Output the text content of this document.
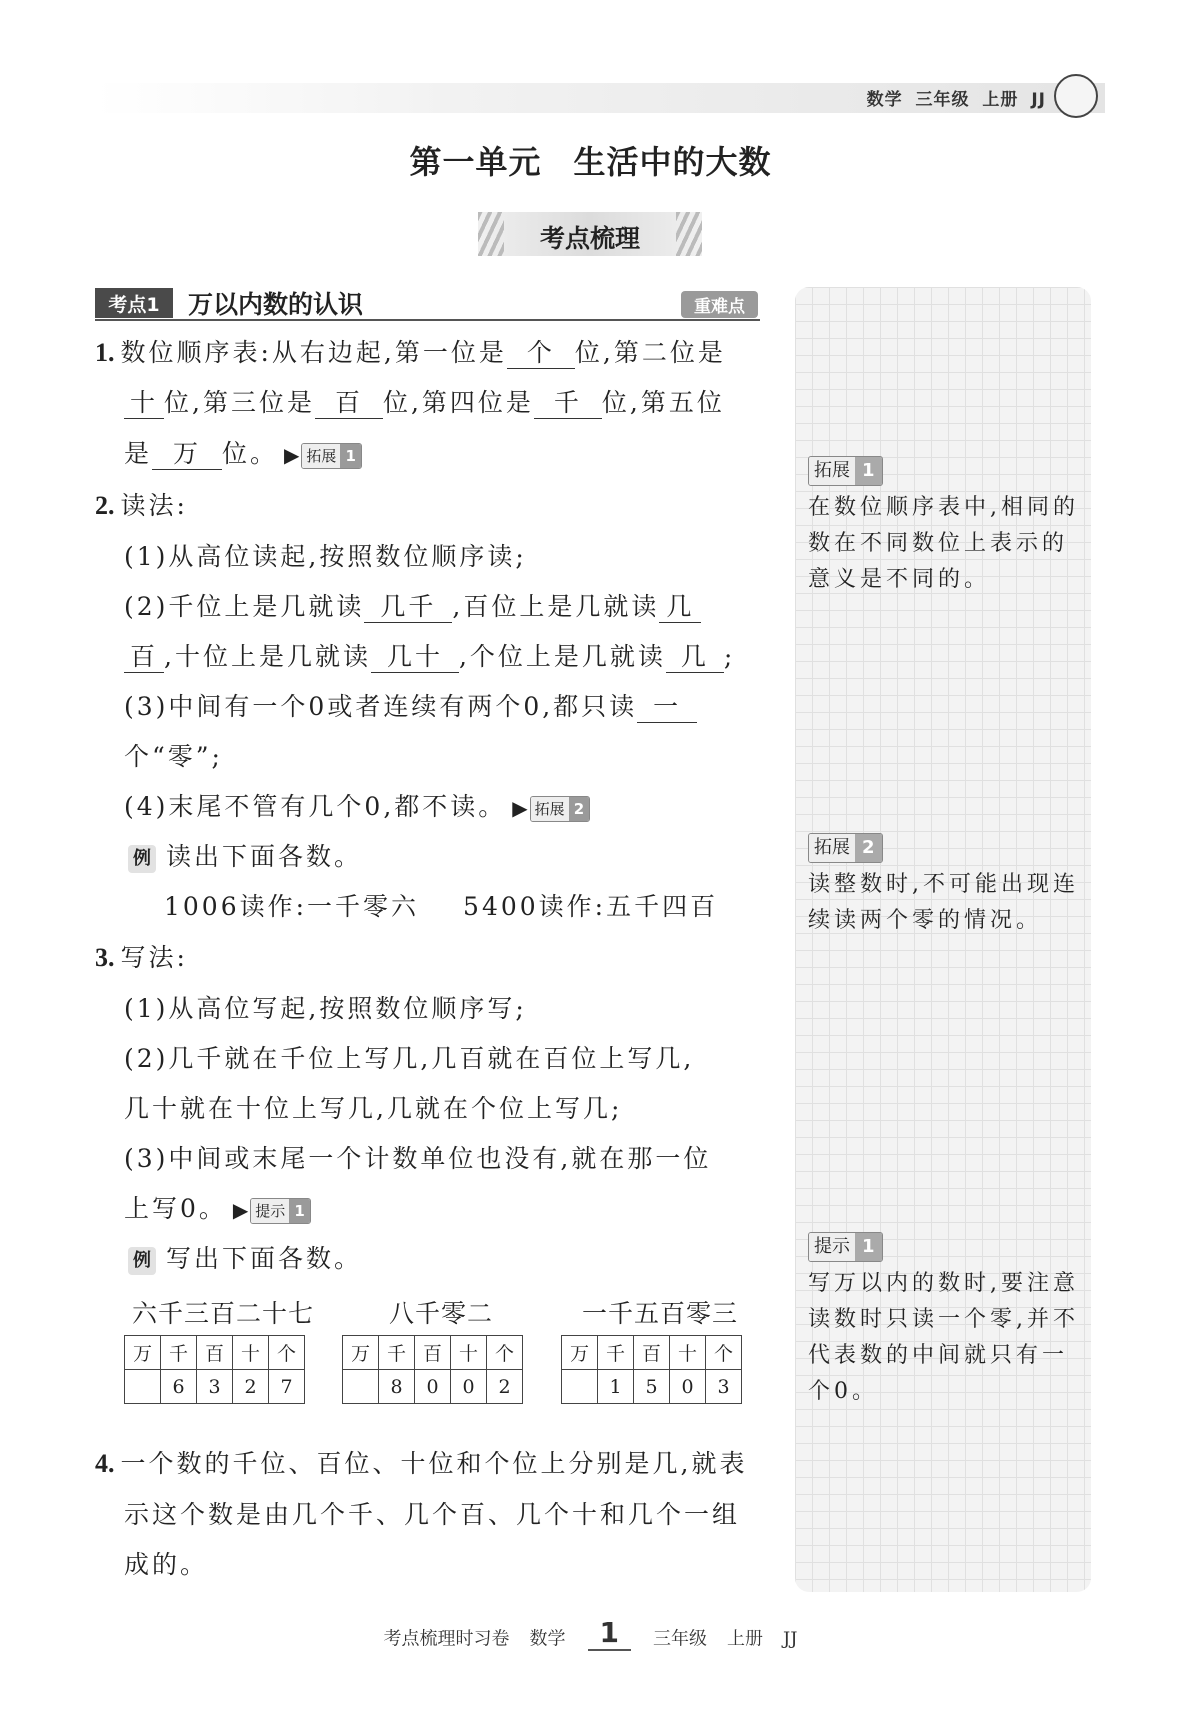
数学 三年级 上册 JJ
第一单元 生活中的大数
考点梳理
考点1	万以内数的认识	重难点
1. 数位顺序表:从右边起,第一位是 个 位,第二位是
十 位,第三位是 百 位,第四位是 千 位,第五位
是 万 位。 ▶ 拓展 1
2. 读法:
(1)从高位读起,按照数位顺序读;
(2)千位上是几就读 几千 ,百位上是几就读 几
百 ,十位上是几就读 几十 ,个位上是几就读 几 ;
(3)中间有一个0或者连续有两个0,都只读 一
个“零”;
(4)末尾不管有几个0,都不读。 ▶ 拓展 2
例 读出下面各数。
1006读作:一千零六 5400读作:五千四百
3. 写法:
(1)从高位写起,按照数位顺序写;
(2)几千就在千位上写几,几百就在百位上写几,
几十就在十位上写几,几就在个位上写几;
(3)中间或末尾一个计数单位也没有,就在那一位
上写0。 ▶ 提示 1
例 写出下面各数。
六千三百二十七	八千零二	一千五百零三
万	千	百	十	个
	6	3	2	7
万	千	百	十	个
	8	0	0	2
万	千	百	十	个
	1	5	0	3
4. 一个数的千位、百位、十位和个位上分别是几,就表
示这个数是由几个千、几个百、几个十和几个一组
成的。
拓展 1
在数位顺序表中,相同的
数在不同数位上表示的
意义是不同的。
拓展 2
读整数时,不可能出现连
续读两个零的情况。
提示 1
写万以内的数时,要注意
读数时只读一个零,并不
代表数的中间就只有一
个0。
考点梳理时习卷 数学 1 三年级 上册 JJ
